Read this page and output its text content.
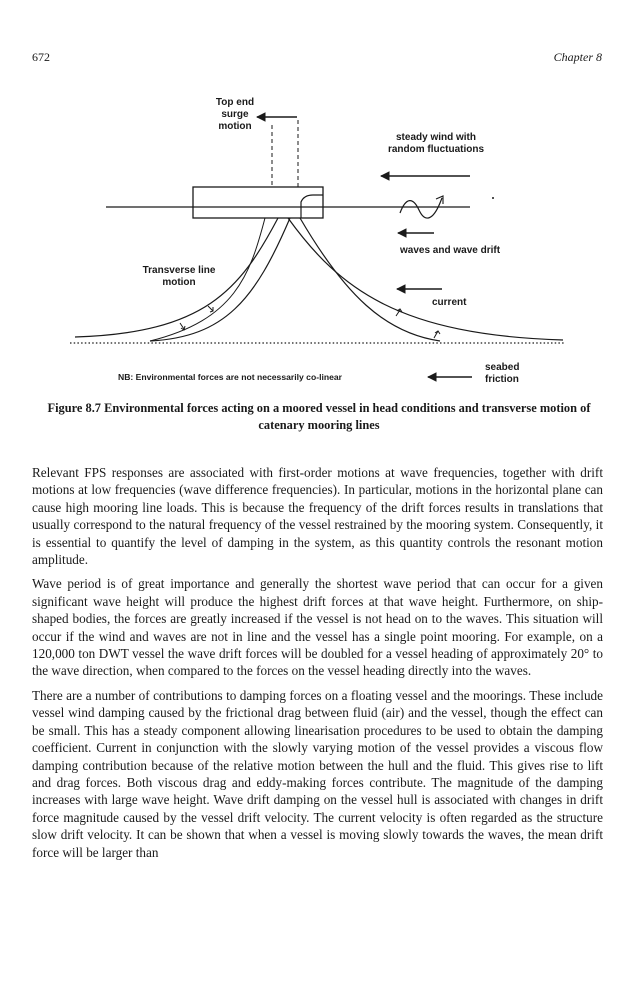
672	Chapter 8
Top end
surge motion
steady wind with
random fluctuations
waves and wave drift
Transverse line
motion
current
seabed
friction
NB: Environmental forces are not necessarily co-linear
Figure 8.7 Environmental forces acting on a moored vessel in head conditions and transverse motion of
catenary mooring lines

Relevant FPS responses are associated with first-order motions at wave frequencies, together with drift motions at low frequencies (wave difference frequencies). In particular, motions in the horizontal plane can cause high mooring line loads. This is because the frequency of the drift forces results in translations that usually correspond to the natural frequency of the vessel restrained by the mooring system. Consequently, it is essential to quantify the level of damping in the system, as this quantity controls the resonant motion amplitude.

Wave period is of great importance and generally the shortest wave period that can occur for a given significant wave height will produce the highest drift forces at that wave height. Furthermore, on ship-shaped bodies, the forces are greatly increased if the vessel is not head on to the waves. This situation will occur if the wind and waves are not in line and the vessel has a single point mooring. For example, on a 120,000 ton DWT vessel the wave drift forces will be doubled for a vessel heading of approximately 20° to the wave direction, when compared to the forces on the vessel heading directly into the waves.

There are a number of contributions to damping forces on a floating vessel and the moorings. These include vessel wind damping caused by the frictional drag between fluid (air) and the vessel, though the effect can be small. This has a steady component allowing linearisation procedures to be used to obtain the damping coefficient. Current in conjunction with the slowly varying motion of the vessel provides a viscous flow damping contribution because of the relative motion between the hull and the fluid. This gives rise to lift and drag forces. Both viscous drag and eddy-making forces contribute. The magnitude of the damping increases with large wave height. Wave drift damping on the vessel hull is associated with changes in drift force magnitude caused by the vessel drift velocity. The current velocity is often regarded as the structure slow drift velocity. It can be shown that when a vessel is moving slowly towards the waves, the mean drift force will be larger than
